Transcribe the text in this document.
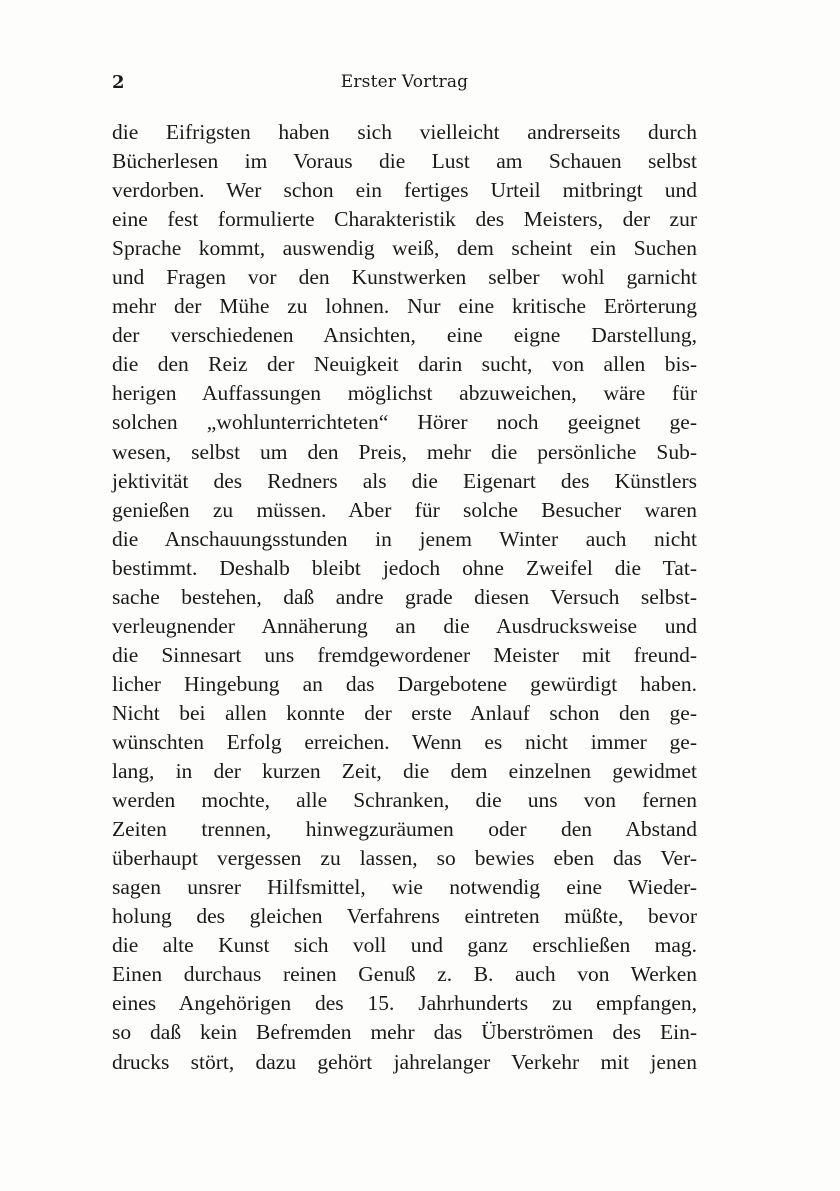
2	Erster Vortrag
die Eifrigsten haben sich vielleicht andrerseits durch
Bücherlesen im Voraus die Lust am Schauen selbst
verdorben. Wer schon ein fertiges Urteil mitbringt und
eine fest formulierte Charakteristik des Meisters, der zur
Sprache kommt, auswendig weiß, dem scheint ein Suchen
und Fragen vor den Kunstwerken selber wohl garnicht
mehr der Mühe zu lohnen. Nur eine kritische Erörterung
der verschiedenen Ansichten, eine eigne Darstellung,
die den Reiz der Neuigkeit darin sucht, von allen bis-
herigen Auffassungen möglichst abzuweichen, wäre für
solchen „wohlunterrichteten“ Hörer noch geeignet ge-
wesen, selbst um den Preis, mehr die persönliche Sub-
jektivität des Redners als die Eigenart des Künstlers
genießen zu müssen. Aber für solche Besucher waren
die Anschauungsstunden in jenem Winter auch nicht
bestimmt. Deshalb bleibt jedoch ohne Zweifel die Tat-
sache bestehen, daß andre grade diesen Versuch selbst-
verleugnender Annäherung an die Ausdrucksweise und
die Sinnesart uns fremdgewordener Meister mit freund-
licher Hingebung an das Dargebotene gewürdigt haben.
Nicht bei allen konnte der erste Anlauf schon den ge-
wünschten Erfolg erreichen. Wenn es nicht immer ge-
lang, in der kurzen Zeit, die dem einzelnen gewidmet
werden mochte, alle Schranken, die uns von fernen
Zeiten trennen, hinwegzuräumen oder den Abstand
überhaupt vergessen zu lassen, so bewies eben das Ver-
sagen unsrer Hilfsmittel, wie notwendig eine Wieder-
holung des gleichen Verfahrens eintreten müßte, bevor
die alte Kunst sich voll und ganz erschließen mag.
Einen durchaus reinen Genuß z. B. auch von Werken
eines Angehörigen des 15. Jahrhunderts zu empfangen,
so daß kein Befremden mehr das Überströmen des Ein-
drucks stört, dazu gehört jahrelanger Verkehr mit jenen
